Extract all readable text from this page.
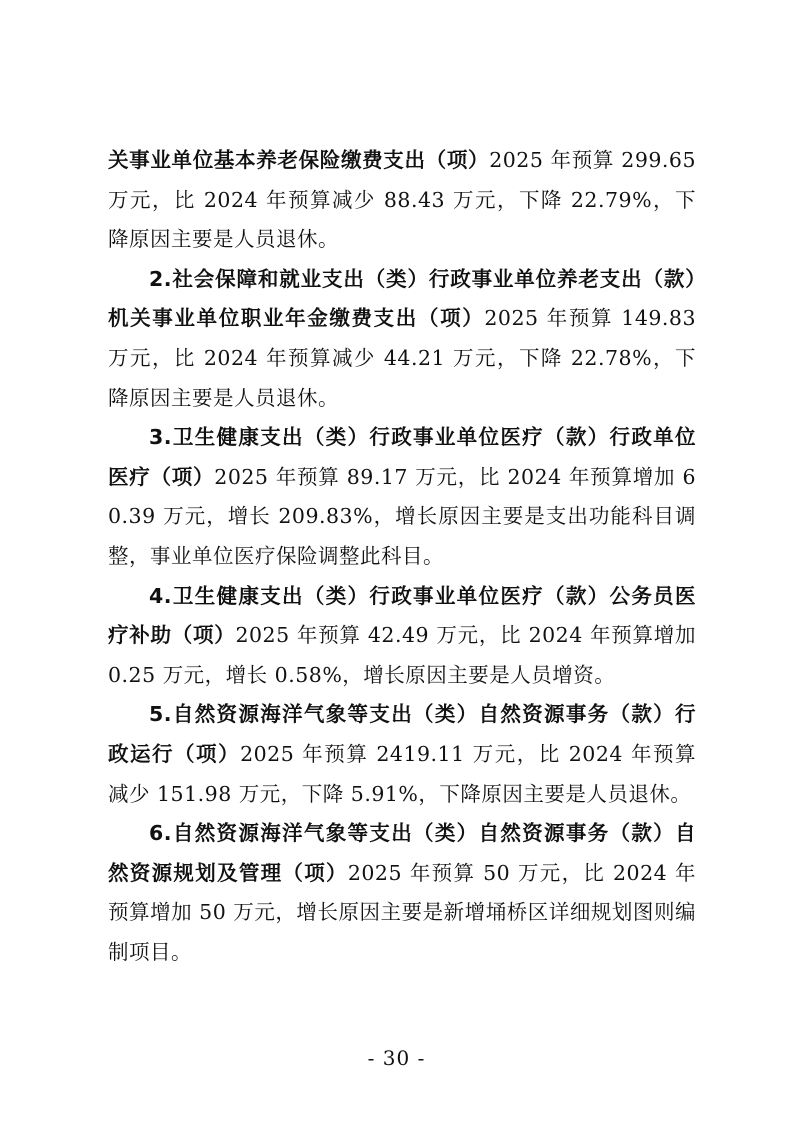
关事业单位基本养老保险缴费支出（项）2025 年预算 299.65 万元，比 2024 年预算减少 88.43 万元，下降 22.79%，下降原因主要是人员退休。

2.社会保障和就业支出（类）行政事业单位养老支出（款）机关事业单位职业年金缴费支出（项）2025 年预算 149.83 万元，比 2024 年预算减少 44.21 万元，下降 22.78%，下降原因主要是人员退休。

3.卫生健康支出（类）行政事业单位医疗（款）行政单位医疗（项）2025 年预算 89.17 万元，比 2024 年预算增加 60.39 万元，增长 209.83%，增长原因主要是支出功能科目调整，事业单位医疗保险调整此科目。

4.卫生健康支出（类）行政事业单位医疗（款）公务员医疗补助（项）2025 年预算 42.49 万元，比 2024 年预算增加 0.25 万元，增长 0.58%，增长原因主要是人员增资。

5.自然资源海洋气象等支出（类）自然资源事务（款）行政运行（项）2025 年预算 2419.11 万元，比 2024 年预算减少 151.98 万元，下降 5.91%，下降原因主要是人员退休。

6.自然资源海洋气象等支出（类）自然资源事务（款）自然资源规划及管理（项）2025 年预算 50 万元，比 2024 年预算增加 50 万元，增长原因主要是新增埇桥区详细规划图则编制项目。

- 30 -
